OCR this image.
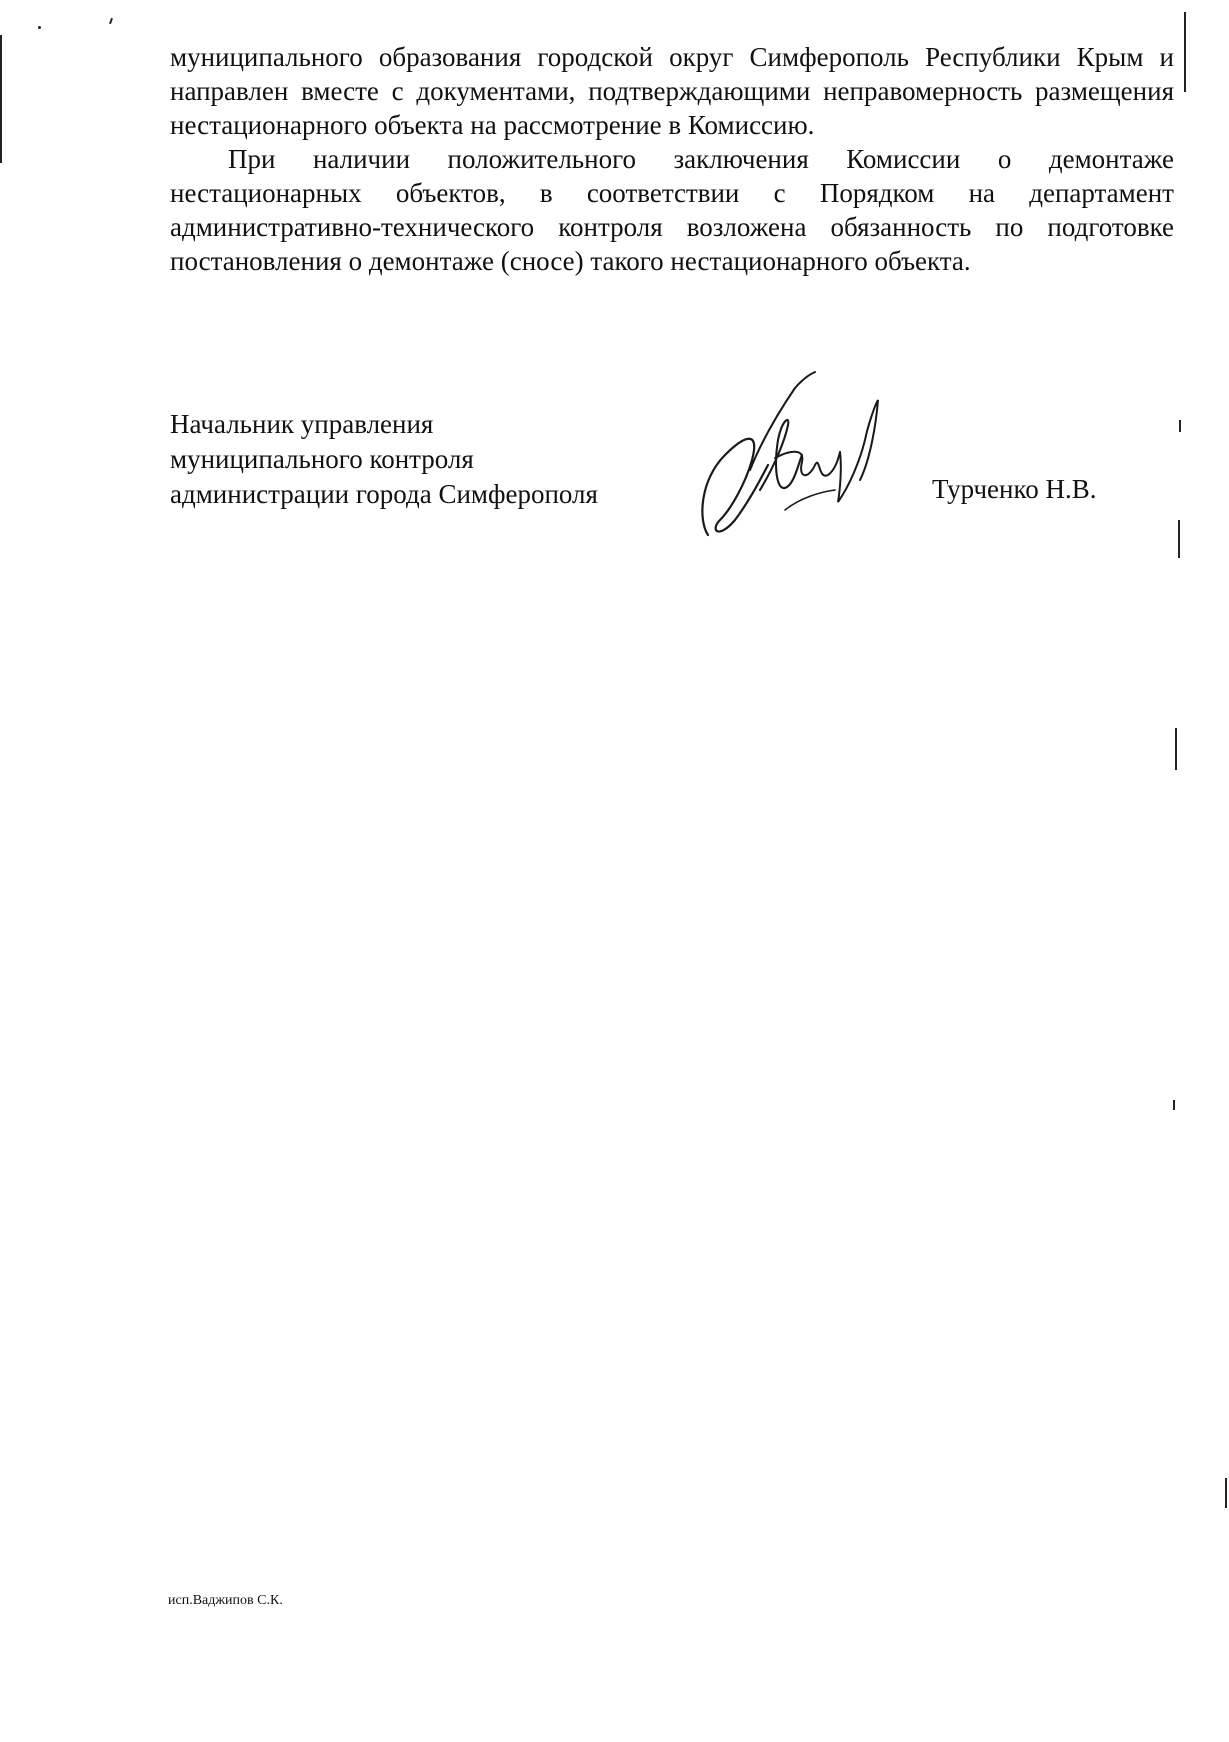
муниципального образования городской округ Симферополь Республики Крым и направлен вместе с документами, подтверждающими неправомерность размещения нестационарного объекта на рассмотрение в Комиссию.

При наличии положительного заключения Комиссии о демонтаже нестационарных объектов, в соответствии с Порядком на департамент административно-технического контроля возложена обязанность по подготовке постановления о демонтаже (сносе) такого нестационарного объекта.

Начальник управления
муниципального контроля
администрации города Симферополя	Турченко Н.В.
исп.Ваджипов С.К.
